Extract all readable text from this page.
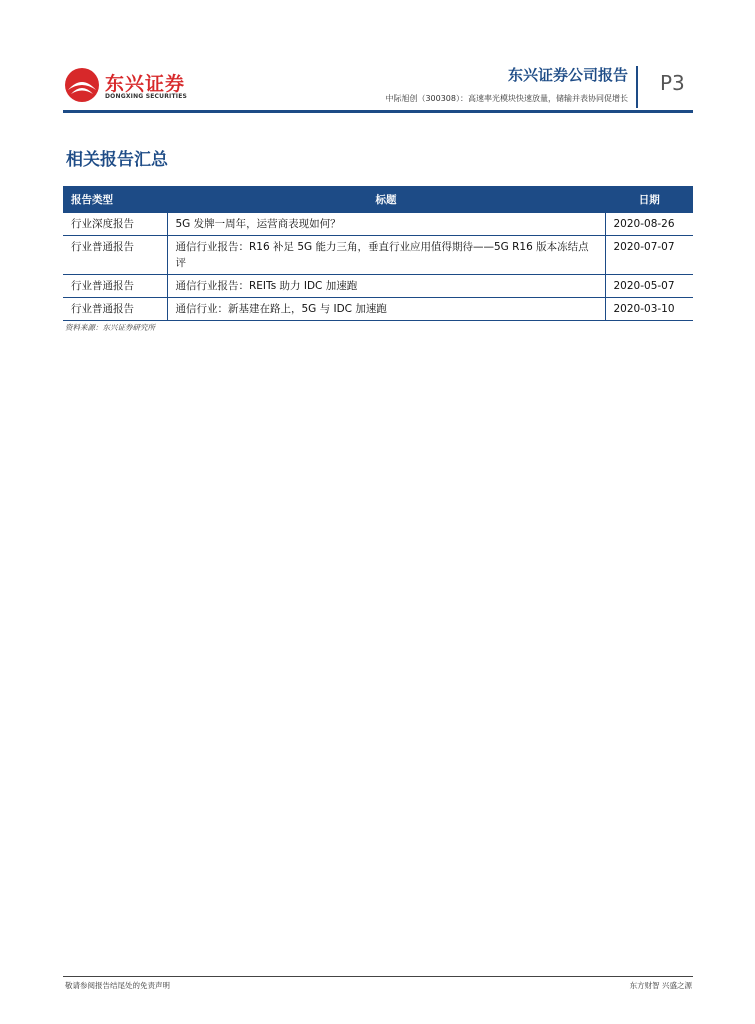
东兴证券
DONGXING SECURITIES
东兴证券公司报告
中际旭创（300308）：高速率光模块快速放量，储输并表协同促增长
P3
相关报告汇总
报告类型	标题	日期
行业深度报告	5G 发牌一周年，运营商表现如何？	2020-08-26
行业普通报告	通信行业报告：R16 补足 5G 能力三角，垂直行业应用值得期待——5G R16 版本冻结点评	2020-07-07
行业普通报告	通信行业报告：REITs 助力 IDC 加速跑	2020-05-07
行业普通报告	通信行业：新基建在路上，5G 与 IDC 加速跑	2020-03-10
资料来源：东兴证券研究所
敬请参阅报告结尾处的免责声明	东方财智 兴盛之源
